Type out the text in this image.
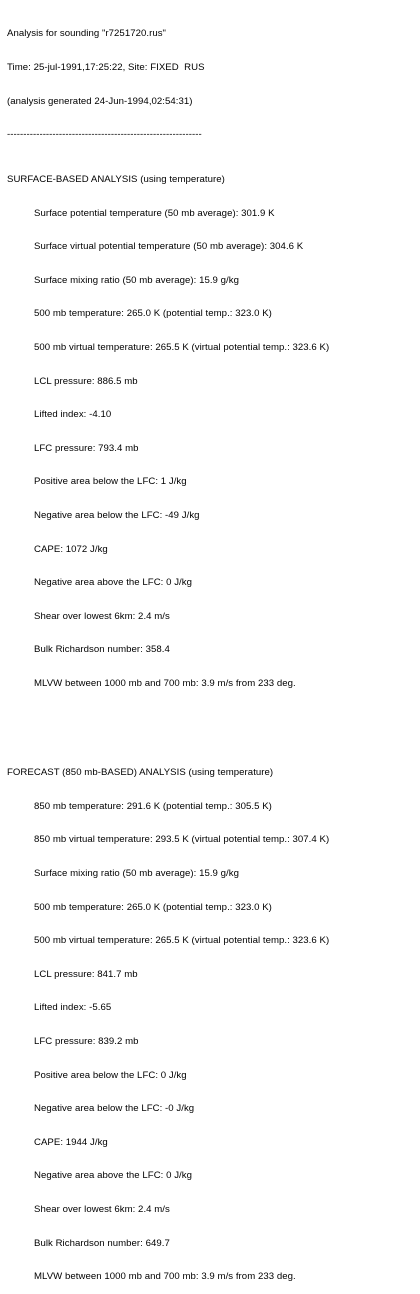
Analysis for sounding "r7251720.rus"

Time: 25-jul-1991,17:25:22, Site: FIXED  RUS

(analysis generated 24-Jun-1994,02:54:31)

------------------------------------------------------------

SURFACE-BASED ANALYSIS (using temperature)

Surface potential temperature (50 mb average): 301.9 K

Surface virtual potential temperature (50 mb average): 304.6 K

Surface mixing ratio (50 mb average): 15.9 g/kg

500 mb temperature: 265.0 K (potential temp.: 323.0 K)

500 mb virtual temperature: 265.5 K (virtual potential temp.: 323.6 K)

LCL pressure: 886.5 mb

Lifted index: -4.10

LFC pressure: 793.4 mb

Positive area below the LFC: 1 J/kg

Negative area below the LFC: -49 J/kg

CAPE: 1072 J/kg

Negative area above the LFC: 0 J/kg

Shear over lowest 6km: 2.4 m/s

Bulk Richardson number: 358.4

MLVW between 1000 mb and 700 mb: 3.9 m/s from 233 deg.

FORECAST (850 mb-BASED) ANALYSIS (using temperature)

850 mb temperature: 291.6 K (potential temp.: 305.5 K)

850 mb virtual temperature: 293.5 K (virtual potential temp.: 307.4 K)

Surface mixing ratio (50 mb average): 15.9 g/kg

500 mb temperature: 265.0 K (potential temp.: 323.0 K)

500 mb virtual temperature: 265.5 K (virtual potential temp.: 323.6 K)

LCL pressure: 841.7 mb

Lifted index: -5.65

LFC pressure: 839.2 mb

Positive area below the LFC: 0 J/kg

Negative area below the LFC: -0 J/kg

CAPE: 1944 J/kg

Negative area above the LFC: 0 J/kg

Shear over lowest 6km: 2.4 m/s

Bulk Richardson number: 649.7

MLVW between 1000 mb and 700 mb: 3.9 m/s from 233 deg.
